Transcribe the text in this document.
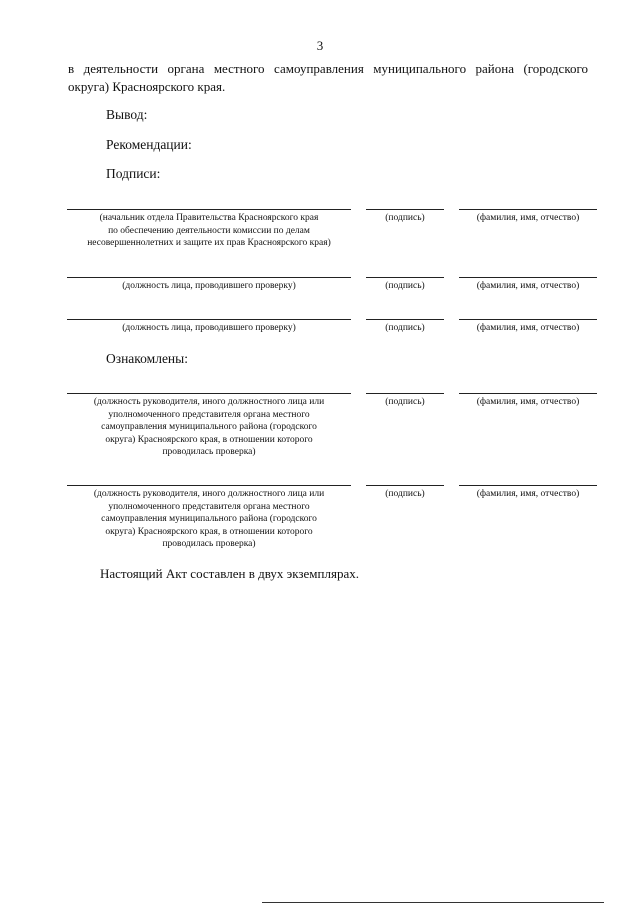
3
в деятельности органа местного самоуправления муниципального района (городского округа) Красноярского края.
Вывод:
Рекомендации:
Подписи:
(начальник отдела Правительства Красноярского края
по обеспечению деятельности комиссии по делам
несовершеннолетних и защите их прав Красноярского края)
(подпись)	(фамилия, имя, отчество)
(должность лица, проводившего проверку)	(подпись)	(фамилия, имя, отчество)
(должность лица, проводившего проверку)	(подпись)	(фамилия, имя, отчество)
Ознакомлены:
(должность руководителя, иного должностного лица или
уполномоченного представителя органа местного
самоуправления муниципального района (городского
округа) Красноярского края, в отношении которого
проводилась проверка)
(подпись)	(фамилия, имя, отчество)
(должность руководителя, иного должностного лица или
уполномоченного представителя органа местного
самоуправления муниципального района (городского
округа) Красноярского края, в отношении которого
проводилась проверка)
(подпись)	(фамилия, имя, отчество)
Настоящий Акт составлен в двух экземплярах.
